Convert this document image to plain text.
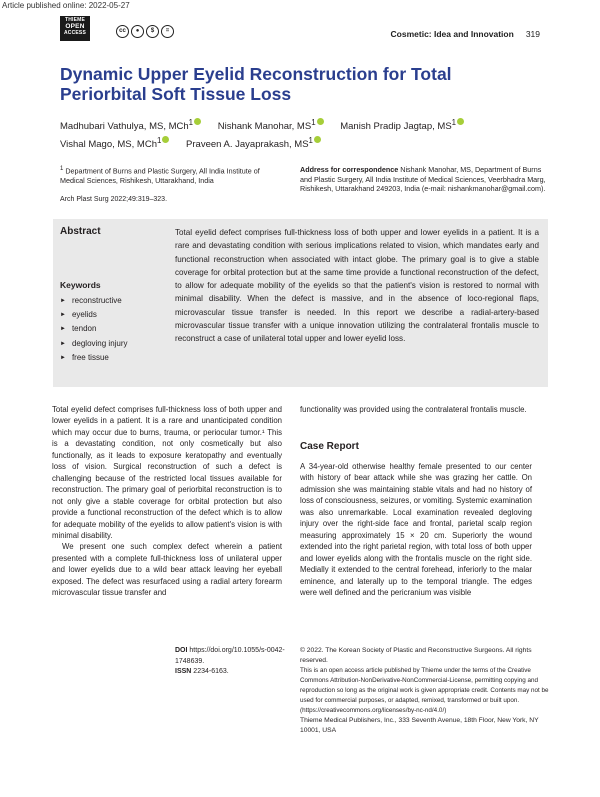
Article published online: 2022-05-27
THIEME
OPEN
ACCESS	cc	●	$	=	Cosmetic: Idea and Innovation 319
Dynamic Upper Eyelid Reconstruction for Total Periorbital Soft Tissue Loss
Madhubari Vathulya, MS, MCh$^1$	Nishank Manohar, $MS^1$	Manish Pradip Jagtap, $MS^1$
Vishal Mago, MS, MCh$^1$	Praveen A. Jayaprakash, $MS^1$
$^1$ Department of Burns and Plastic Surgery, All India Institute of Medical Sciences, Rishikesh, Uttarakhand, India
Arch Plast Surg 2022;49:319–323.
Address for correspondence Nishank Manohar, MS, Department of Burns and Plastic Surgery, All India Institute of Medical Sciences, Veerbhadra Marg, Rishikesh, Uttarakhand 249203, India (e-mail: nishankmanohar@gmail.com).
Abstract	Total eyelid defect comprises full-thickness loss of both upper and lower eyelids in a patient. It is a rare and devastating condition with serious implications related to vision, which mandates early and functional reconstruction when associated with intact globe. The primary goal is to give a stable coverage for orbital protection but at the same time provide a functional reconstruction of the defect, to allow for adequate mobility of the eyelids so that the patient's vision is restored to normal with minimal disability. When the defect is massive, and in the absence of loco-regional flaps, microvascular tissue transfer is needed. In this report we describe a radial-artery-based microvascular tissue transfer with a unique innovation utilizing the contralateral frontalis muscle to reconstruct a case of unilateral total upper and lower eyelid loss.
Keywords
► reconstructive
► eyelids
► tendon
► degloving injury
► free tissue

Total eyelid defect comprises full-thickness loss of both upper and lower eyelids in a patient. It is a rare and unanticipated condition which may occur due to burns, trauma, or periocular tumor.¹ This is a devastating condition, not only cosmetically but also functionally, as it leads to exposure keratopathy and eventually loss of vision. Surgical reconstruction of such a defect is challenging because of the restricted local tissues available for reconstruction. The primary goal of periorbital reconstruction is to not only give a stable coverage for orbital protection but also provide a functional reconstruction of the defect which is to allow for adequate mobility of the eyelids to allow patient's vision is with minimal disability.

We present one such complex defect wherein a patient presented with a complete full-thickness loss of unilateral upper and lower eyelids due to a wild bear attack leaving her eyeball exposed. The defect was resurfaced using a radial artery forearm microvascular tissue transfer and

functionality was provided using the contralateral frontalis muscle.

Case Report

A 34-year-old otherwise healthy female presented to our center with history of bear attack while she was grazing her cattle. On admission she was maintaining stable vitals and had no history of loss of consciousness, seizures, or vomiting. Systemic examination was also unremarkable. Local examination revealed degloving injury over the right-side face and frontal, parietal scalp region measuring approximately 15 × 20 cm. Superiorly the wound extended into the right parietal region, with total loss of both upper and lower eyelids along with the frontalis muscle on the right side. Medially it extended to the central forehead, inferiorly to the malar eminence, and laterally up to the temporal triangle. The edges were well defined and the pericranium was visible

DOI https://doi.org/10.1055/s-0042-1748639.
ISSN 2234-6163.
© 2022. The Korean Society of Plastic and Reconstructive Surgeons. All rights reserved.
This is an open access article published by Thieme under the terms of the Creative Commons Attribution-NonDerivative-NonCommercial-License, permitting copying and reproduction so long as the original work is given appropriate credit. Contents may not be used for commercial purposes, or adapted, remixed, transformed or built upon. (https://creativecommons.org/licenses/by-nc-nd/4.0/)
Thieme Medical Publishers, Inc., 333 Seventh Avenue, 18th Floor, New York, NY 10001, USA
